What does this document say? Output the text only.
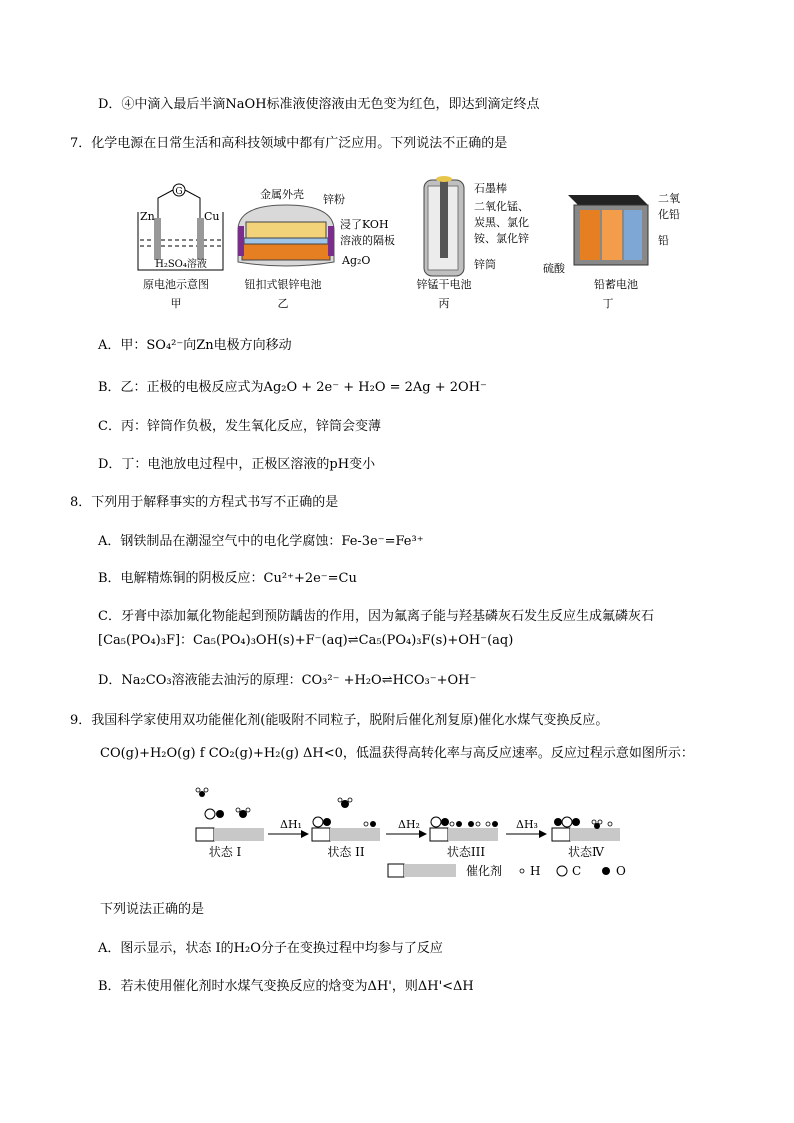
D．④中滴入最后半滴NaOH标准液使溶液由无色变为红色，即达到滴定终点
7．化学电源在日常生活和高科技领域中都有广泛应用。下列说法不正确的是
G
Zn	Cu
H₂SO₄溶液
原电池示意图
甲
金属外壳 锌粉
浸了KOH
溶液的隔板
Ag₂O
钮扣式银锌电池
乙
石墨棒
二氧化锰、
炭黑、氯化
铵、氯化锌
锌筒
锌锰干电池
丙
二氧
化铅
铅
硫酸
铅蓄电池
丁
A．甲：SO₄²⁻向Zn电极方向移动
B．乙：正极的电极反应式为Ag₂O + 2e⁻ + H₂O = 2Ag + 2OH⁻
C．丙：锌筒作负极，发生氧化反应，锌筒会变薄
D．丁：电池放电过程中，正极区溶液的pH变小
8．下列用于解释事实的方程式书写不正确的是
A．钢铁制品在潮湿空气中的电化学腐蚀：Fe-3e⁻=Fe³⁺
B．电解精炼铜的阴极反应：Cu²⁺+2e⁻=Cu
C．牙膏中添加氟化物能起到预防龋齿的作用，因为氟离子能与羟基磷灰石发生反应生成氟磷灰石
[Ca₅(PO₄)₃F]：Ca₅(PO₄)₃OH(s)+F⁻(aq)⇌Ca₅(PO₄)₃F(s)+OH⁻(aq)
D．Na₂CO₃溶液能去油污的原理：CO₃²⁻ +H₂O⇌HCO₃⁻+OH⁻
9．我国科学家使用双功能催化剂(能吸附不同粒子，脱附后催化剂复原)催化水煤气变换反应。
CO(g)+H₂O(g) f CO₂(g)+H₂(g) ΔH<0，低温获得高转化率与高反应速率。反应过程示意如图所示：
状态 I
ΔH₁
状态 II
ΔH₂
状态III
ΔH₃
状态Ⅳ
催化剂 H	C	O
下列说法正确的是
A．图示显示，状态 I的H₂O分子在变换过程中均参与了反应
B．若未使用催化剂时水煤气变换反应的焓变为ΔH'，则ΔH'<ΔH
